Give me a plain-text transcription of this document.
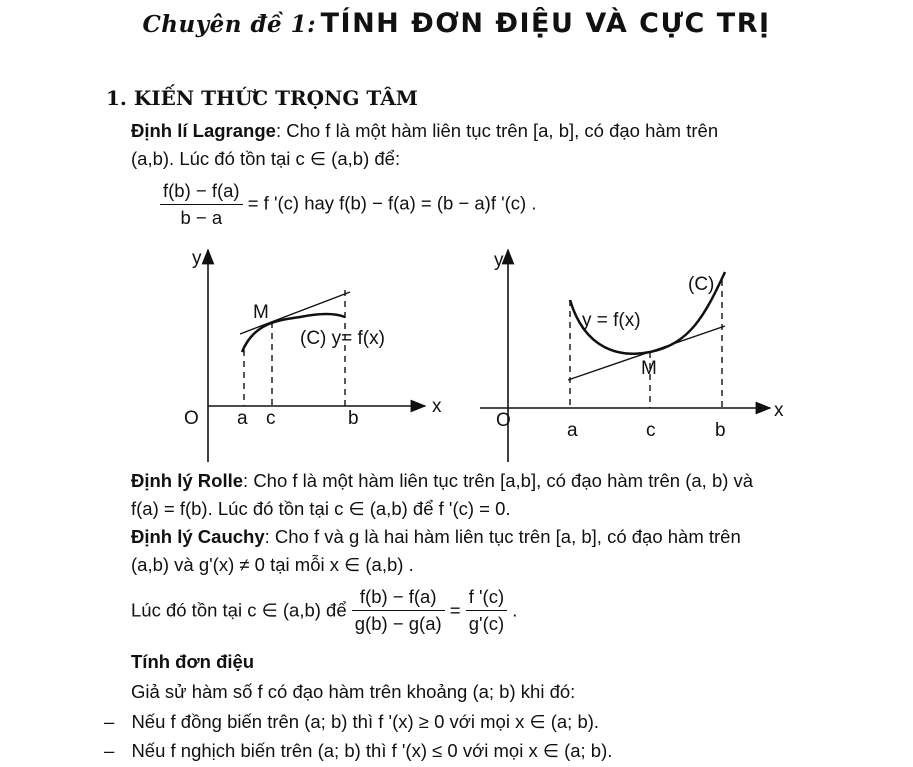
Chuyên đề 1: TÍNH ĐƠN ĐIỆU VÀ CỰC TRỊ
1. KIẾN THỨC TRỌNG TÂM
Định lí Lagrange: Cho f là một hàm liên tục trên [a, b], có đạo hàm trên
(a,b). Lúc đó tồn tại c ∈ (a,b) để:
$\frac{f(b) - f(a)}{b - a} = f$ '(c) hay f(b) − f(a) = (b − a)f '(c) .
y
x
O a c	b
M
(C) y= f(x)
y
x
O	a	c	b
M
(C)
y = f(x)
Định lý Rolle: Cho f là một hàm liên tục trên [a,b], có đạo hàm trên (a, b) và
f(a) = f(b). Lúc đó tồn tại c ∈ (a,b) để f '(c) = 0.
Định lý Cauchy: Cho f và g là hai hàm liên tục trên [a, b], có đạo hàm trên
(a,b) và g'(x) ≠ 0 tại mỗi x ∈ (a,b) .
Lúc đó tồn tại c ∈ (a,b) để $\frac{f(b) - f(a)}{g(b) - g(a)} = \frac{f '(c)}{g'(c)}$ .
Tính đơn điệu
Giả sử hàm số f có đạo hàm trên khoảng (a; b) khi đó:
– Nếu f đồng biến trên (a; b) thì f '(x) ≥ 0 với mọi x ∈ (a; b).
– Nếu f nghịch biến trên (a; b) thì f '(x) ≤ 0 với mọi x ∈ (a; b).
